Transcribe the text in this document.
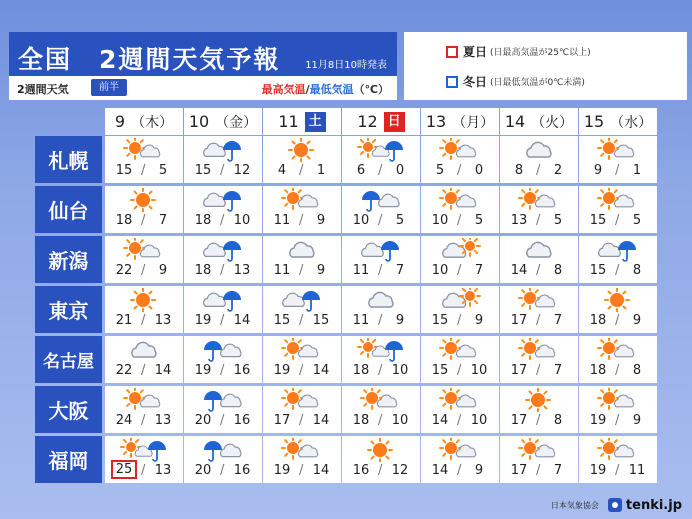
全国　2週間天気予報 11月8日10時発表
2週間天気	前半	最高気温/最低気温（℃）
夏日 (日最高気温が25℃以上)
冬日 (日最低気温が0℃未満)
9 （木） 10 （金） 11 土 12 日 13 （月） 14 （火） 15 （水）
札幌	15 /	5	15 / 12	4 /	1	6 /	0	5 /	0	8 /	2	9 /	1
仙台	18 /	7	18 / 10	11 /	9	10 /	5	10 /	5	13 /	5	15 /	5
新潟	22 /	9	18 / 13	11 /	9	11 /	7	10 /	7	14 /	8	15 /	8
東京	21 / 13	19 / 14	15 / 15	11 /	9	15 /	9	17 /	7	18 /	9
名古屋	22 / 14	19 / 16	19 / 14	18 / 10	15 / 10	17 /	7	18 /	8
大阪	24 / 13	20 / 16	17 / 14	18 / 10	14 / 10	17 /	8	19 /	9
福岡	25 / 13	20 / 16	19 / 14	16 / 12	14 /	9	17 /	7	19 / 11
日本気象協会 tenki.jp
